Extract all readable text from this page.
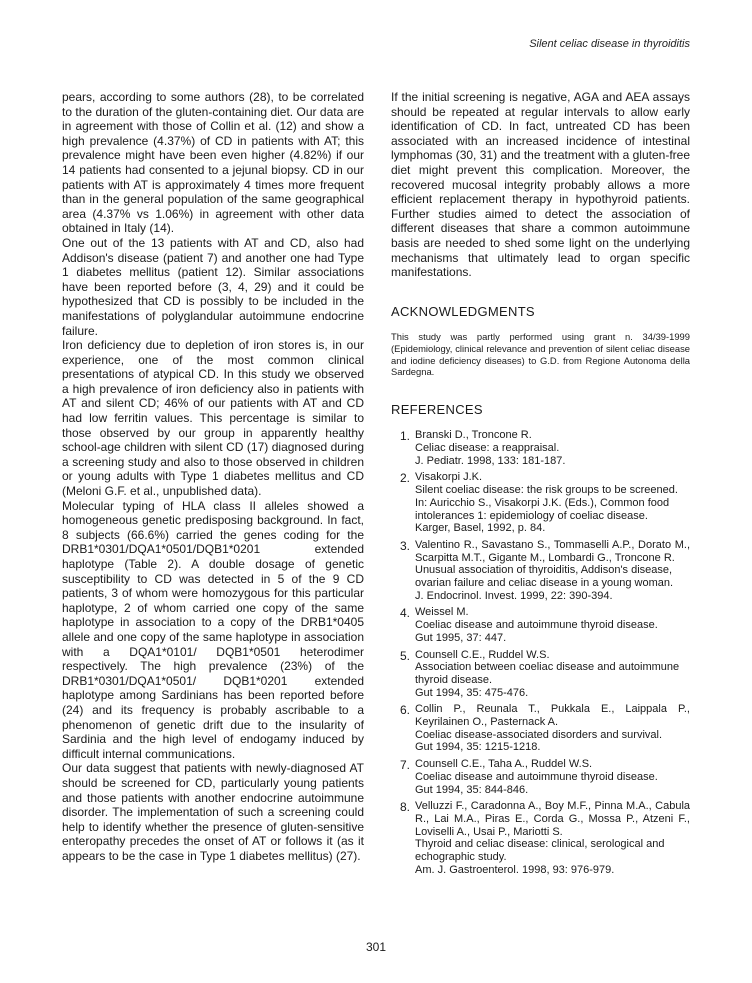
Silent celiac disease in thyroiditis

pears, according to some authors (28), to be correlated to the duration of the gluten-containing diet. Our data are in agreement with those of Collin et al. (12) and show a high prevalence (4.37%) of CD in patients with AT; this prevalence might have been even higher (4.82%) if our 14 patients had consented to a jejunal biopsy. CD in our patients with AT is approximately 4 times more frequent than in the general population of the same geographical area (4.37% vs 1.06%) in agreement with other data obtained in Italy (14).

One out of the 13 patients with AT and CD, also had Addison's disease (patient 7) and another one had Type 1 diabetes mellitus (patient 12). Similar associations have been reported before (3, 4, 29) and it could be hypothesized that CD is possibly to be included in the manifestations of polyglandular autoimmune endocrine failure.

Iron deficiency due to depletion of iron stores is, in our experience, one of the most common clinical presentations of atypical CD. In this study we observed a high prevalence of iron deficiency also in patients with AT and silent CD; 46% of our patients with AT and CD had low ferritin values. This percentage is similar to those observed by our group in apparently healthy school-age children with silent CD (17) diagnosed during a screening study and also to those observed in children or young adults with Type 1 diabetes mellitus and CD (Meloni G.F. et al., unpublished data).

Molecular typing of HLA class II alleles showed a homogeneous genetic predisposing background. In fact, 8 subjects (66.6%) carried the genes coding for the DRB1*0301/DQA1*0501/DQB1*0201 extended haplotype (Table 2). A double dosage of genetic susceptibility to CD was detected in 5 of the 9 CD patients, 3 of whom were homozygous for this particular haplotype, 2 of whom carried one copy of the same haplotype in association to a copy of the DRB1*0405 allele and one copy of the same haplotype in association with a DQA1*0101/ DQB1*0501 heterodimer respectively. The high prevalence (23%) of the DRB1*0301/DQA1*0501/ DQB1*0201 extended haplotype among Sardinians has been reported before (24) and its frequency is probably ascribable to a phenomenon of genetic drift due to the insularity of Sardinia and the high level of endogamy induced by difficult internal communications.

Our data suggest that patients with newly-diagnosed AT should be screened for CD, particularly young patients and those patients with another endocrine autoimmune disorder. The implementation of such a screening could help to identify whether the presence of gluten-sensitive enteropathy precedes the onset of AT or follows it (as it appears to be the case in Type 1 diabetes mellitus) (27).

If the initial screening is negative, AGA and AEA assays should be repeated at regular intervals to allow early identification of CD. In fact, untreated CD has been associated with an increased incidence of intestinal lymphomas (30, 31) and the treatment with a gluten-free diet might prevent this complication. Moreover, the recovered mucosal integrity probably allows a more efficient replacement therapy in hypothyroid patients. Further studies aimed to detect the association of different diseases that share a common autoimmune basis are needed to shed some light on the underlying mechanisms that ultimately lead to organ specific manifestations.

ACKNOWLEDGMENTS

This study was partly performed using grant n. 34/39-1999 (Epidemiology, clinical relevance and prevention of silent celiac disease and iodine deficiency diseases) to G.D. from Regione Autonoma della Sardegna.

REFERENCES
1. Branski D., Troncone R.
Celiac disease: a reappraisal.
J. Pediatr. 1998, 133: 181-187.
2. Visakorpi J.K.
Silent coeliac disease: the risk groups to be screened. In: Auricchio S., Visakorpi J.K. (Eds.), Common food intolerances 1: epidemiology of coeliac disease.
Karger, Basel, 1992, p. 84.
3. Valentino R., Savastano S., Tommaselli A.P., Dorato M., Scarpitta M.T., Gigante M., Lombardi G., Troncone R.
Unusual association of thyroiditis, Addison's disease, ovarian failure and celiac disease in a young woman.
J. Endocrinol. Invest. 1999, 22: 390-394.
4. Weissel M.
Coeliac disease and autoimmune thyroid disease.
Gut 1995, 37: 447.
5. Counsell C.E., Ruddel W.S.
Association between coeliac disease and autoimmune thyroid disease.
Gut 1994, 35: 475-476.
6. Collin P., Reunala T., Pukkala E., Laippala P., Keyrilainen O., Pasternack A.
Coeliac disease-associated disorders and survival.
Gut 1994, 35: 1215-1218.
7. Counsell C.E., Taha A., Ruddel W.S.
Coeliac disease and autoimmune thyroid disease.
Gut 1994, 35: 844-846.
8. Velluzzi F., Caradonna A., Boy M.F., Pinna M.A., Cabula R., Lai M.A., Piras E., Corda G., Mossa P., Atzeni F., Loviselli A., Usai P., Mariotti S.
Thyroid and celiac disease: clinical, serological and echographic study.
Am. J. Gastroenterol. 1998, 93: 976-979.
301
